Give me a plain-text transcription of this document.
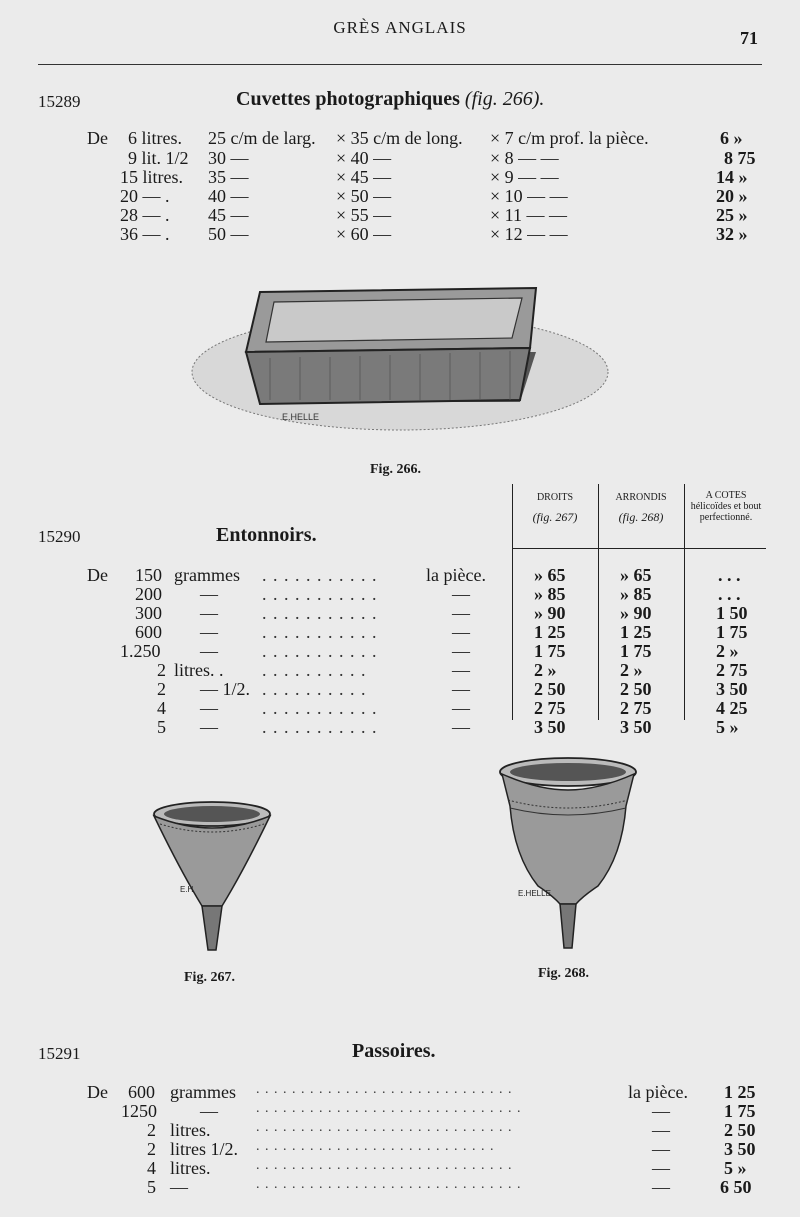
GRÈS ANGLAIS
71
15289	Cuvettes photographiques (fig. 266).
De 6 litres. 25 c/m de larg. × 35 c/m de long. × 7 c/m prof. la pièce.	6 »
9 lit. 1/2 30 —	× 40 —	× 8 — —	8 75
15 litres. 35 —	× 45 —	× 9 — —	14 »
20 — . 40 —	× 50 —	× 10 — —	20 »
28 — . 45 —	× 55 —	× 11 — —	25 »
36 — . 50 —	× 60 —	× 12 — —	32 »
E.HELLE
Fig. 266.
15290	Entonnoirs.
DROITS
(fig. 267)
ARRONDIS
(fig. 268)
A COTES hélicoïdes et bout perfectionné.
De 150 grammes . . . . . . . . . . .	la pièce.	» 65	» 65	. . .
200 — . . . . . . . . . . .	—	» 85	» 85	. . .
300 — . . . . . . . . . . .	—	» 90	» 90	1 50
600 — . . . . . . . . . . .	—	1 25	1 25	1 75
1.250 — . . . . . . . . . . .	—	1 75	1 75	2 »
2 litres. . . . . . . . . . . .	—	2 »	2 »	2 75
2 — 1/2. . . . . . . . . . .	—	2 50	2 50	3 50
4 — . . . . . . . . . . .	—	2 75	2 75	4 25
5 — . . . . . . . . . . .	—	3 50	3 50	5 »
E.H
Fig. 267.
E.HELLE
Fig. 268.
15291	Passoires.
De 600 grammes . . . . . . . . . . . . . . . . . . . . . . . . . . . . .	la pièce. 1 25
1250 —	. . . . . . . . . . . . . . . . . . . . . . . . . . . . . .	—	1 75
2 litres.	. . . . . . . . . . . . . . . . . . . . . . . . . . . . .	—	2 50
2 litres 1/2. . . . . . . . . . . . . . . . . . . . . . . . . . . .	—	3 50
4 litres.	. . . . . . . . . . . . . . . . . . . . . . . . . . . . .	—	5 »
5 —	. . . . . . . . . . . . . . . . . . . . . . . . . . . . . .	—	6 50
